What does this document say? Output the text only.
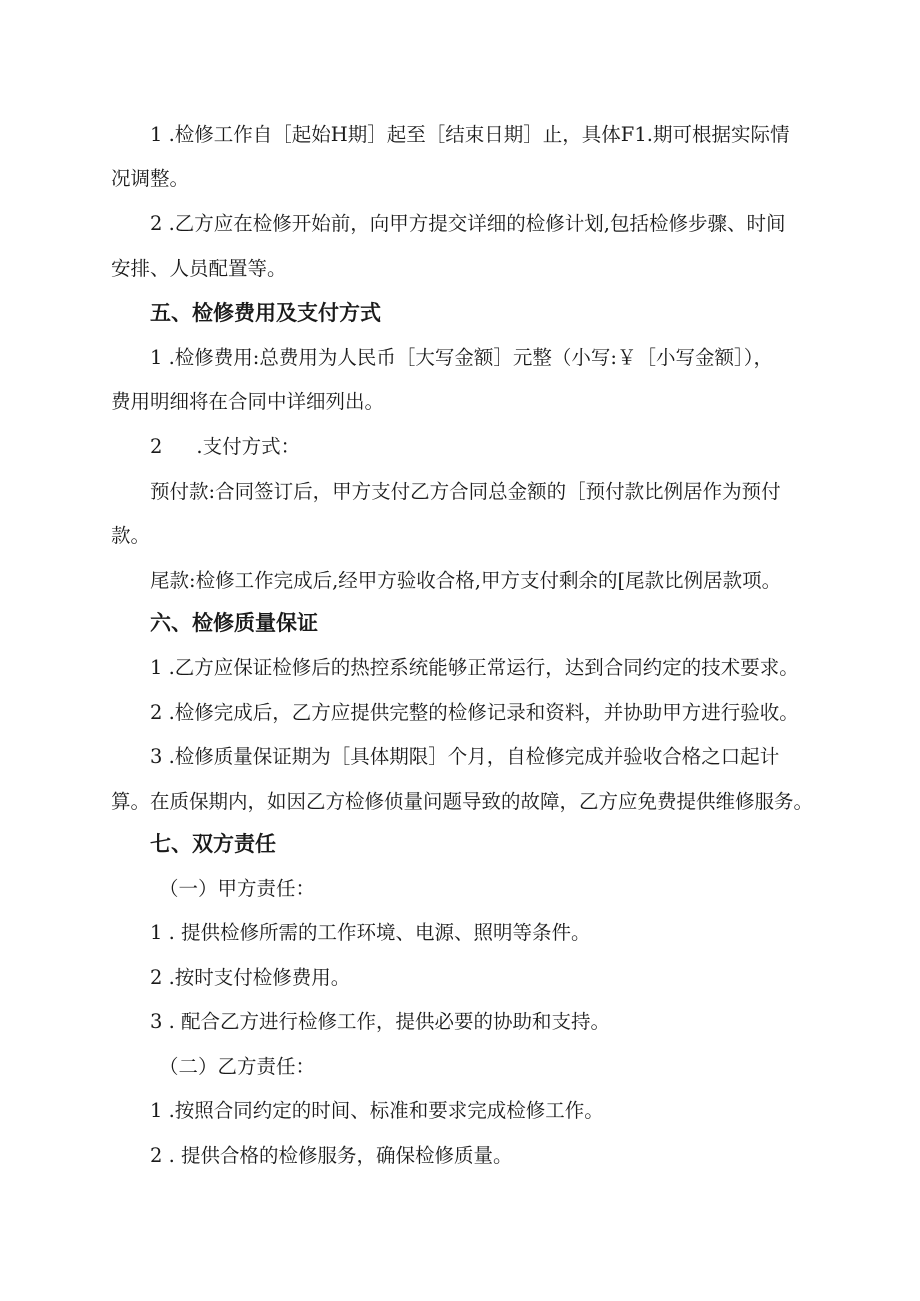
1 .检修工作自［起始H期］起至［结束日期］止，具体F1.期可根据实际情
况调整。
2 .乙方应在检修开始前，向甲方提交详细的检修计划,包括检修步骤、时间
安排、人员配置等。
五、检修费用及支付方式
1 .检修费用:总费用为人民币［大写金额］元整（小写:￥［小写金额］），
费用明细将在合同中详细列出。
2 .支付方式：
预付款:合同签订后，甲方支付乙方合同总金额的［预付款比例居作为预付
款。
尾款:检修工作完成后,经甲方验收合格,甲方支付剩余的[尾款比例居款项。
六、检修质量保证
1 .乙方应保证检修后的热控系统能够正常运行，达到合同约定的技术要求。
2 .检修完成后，乙方应提供完整的检修记录和资料，并协助甲方进行验收。
3 .检修质量保证期为［具体期限］个月，自检修完成并验收合格之口起计
算。在质保期内，如因乙方检修侦量问题导致的故障，乙方应免费提供维修服务。
七、双方责任
（一）甲方责任：
1 . 提供检修所需的工作环境、电源、照明等条件。
2 .按时支付检修费用。
3 . 配合乙方进行检修工作，提供必要的协助和支持。
（二）乙方责任：
1 .按照合同约定的时间、标准和要求完成检修工作。
2 . 提供合格的检修服务，确保检修质量。
